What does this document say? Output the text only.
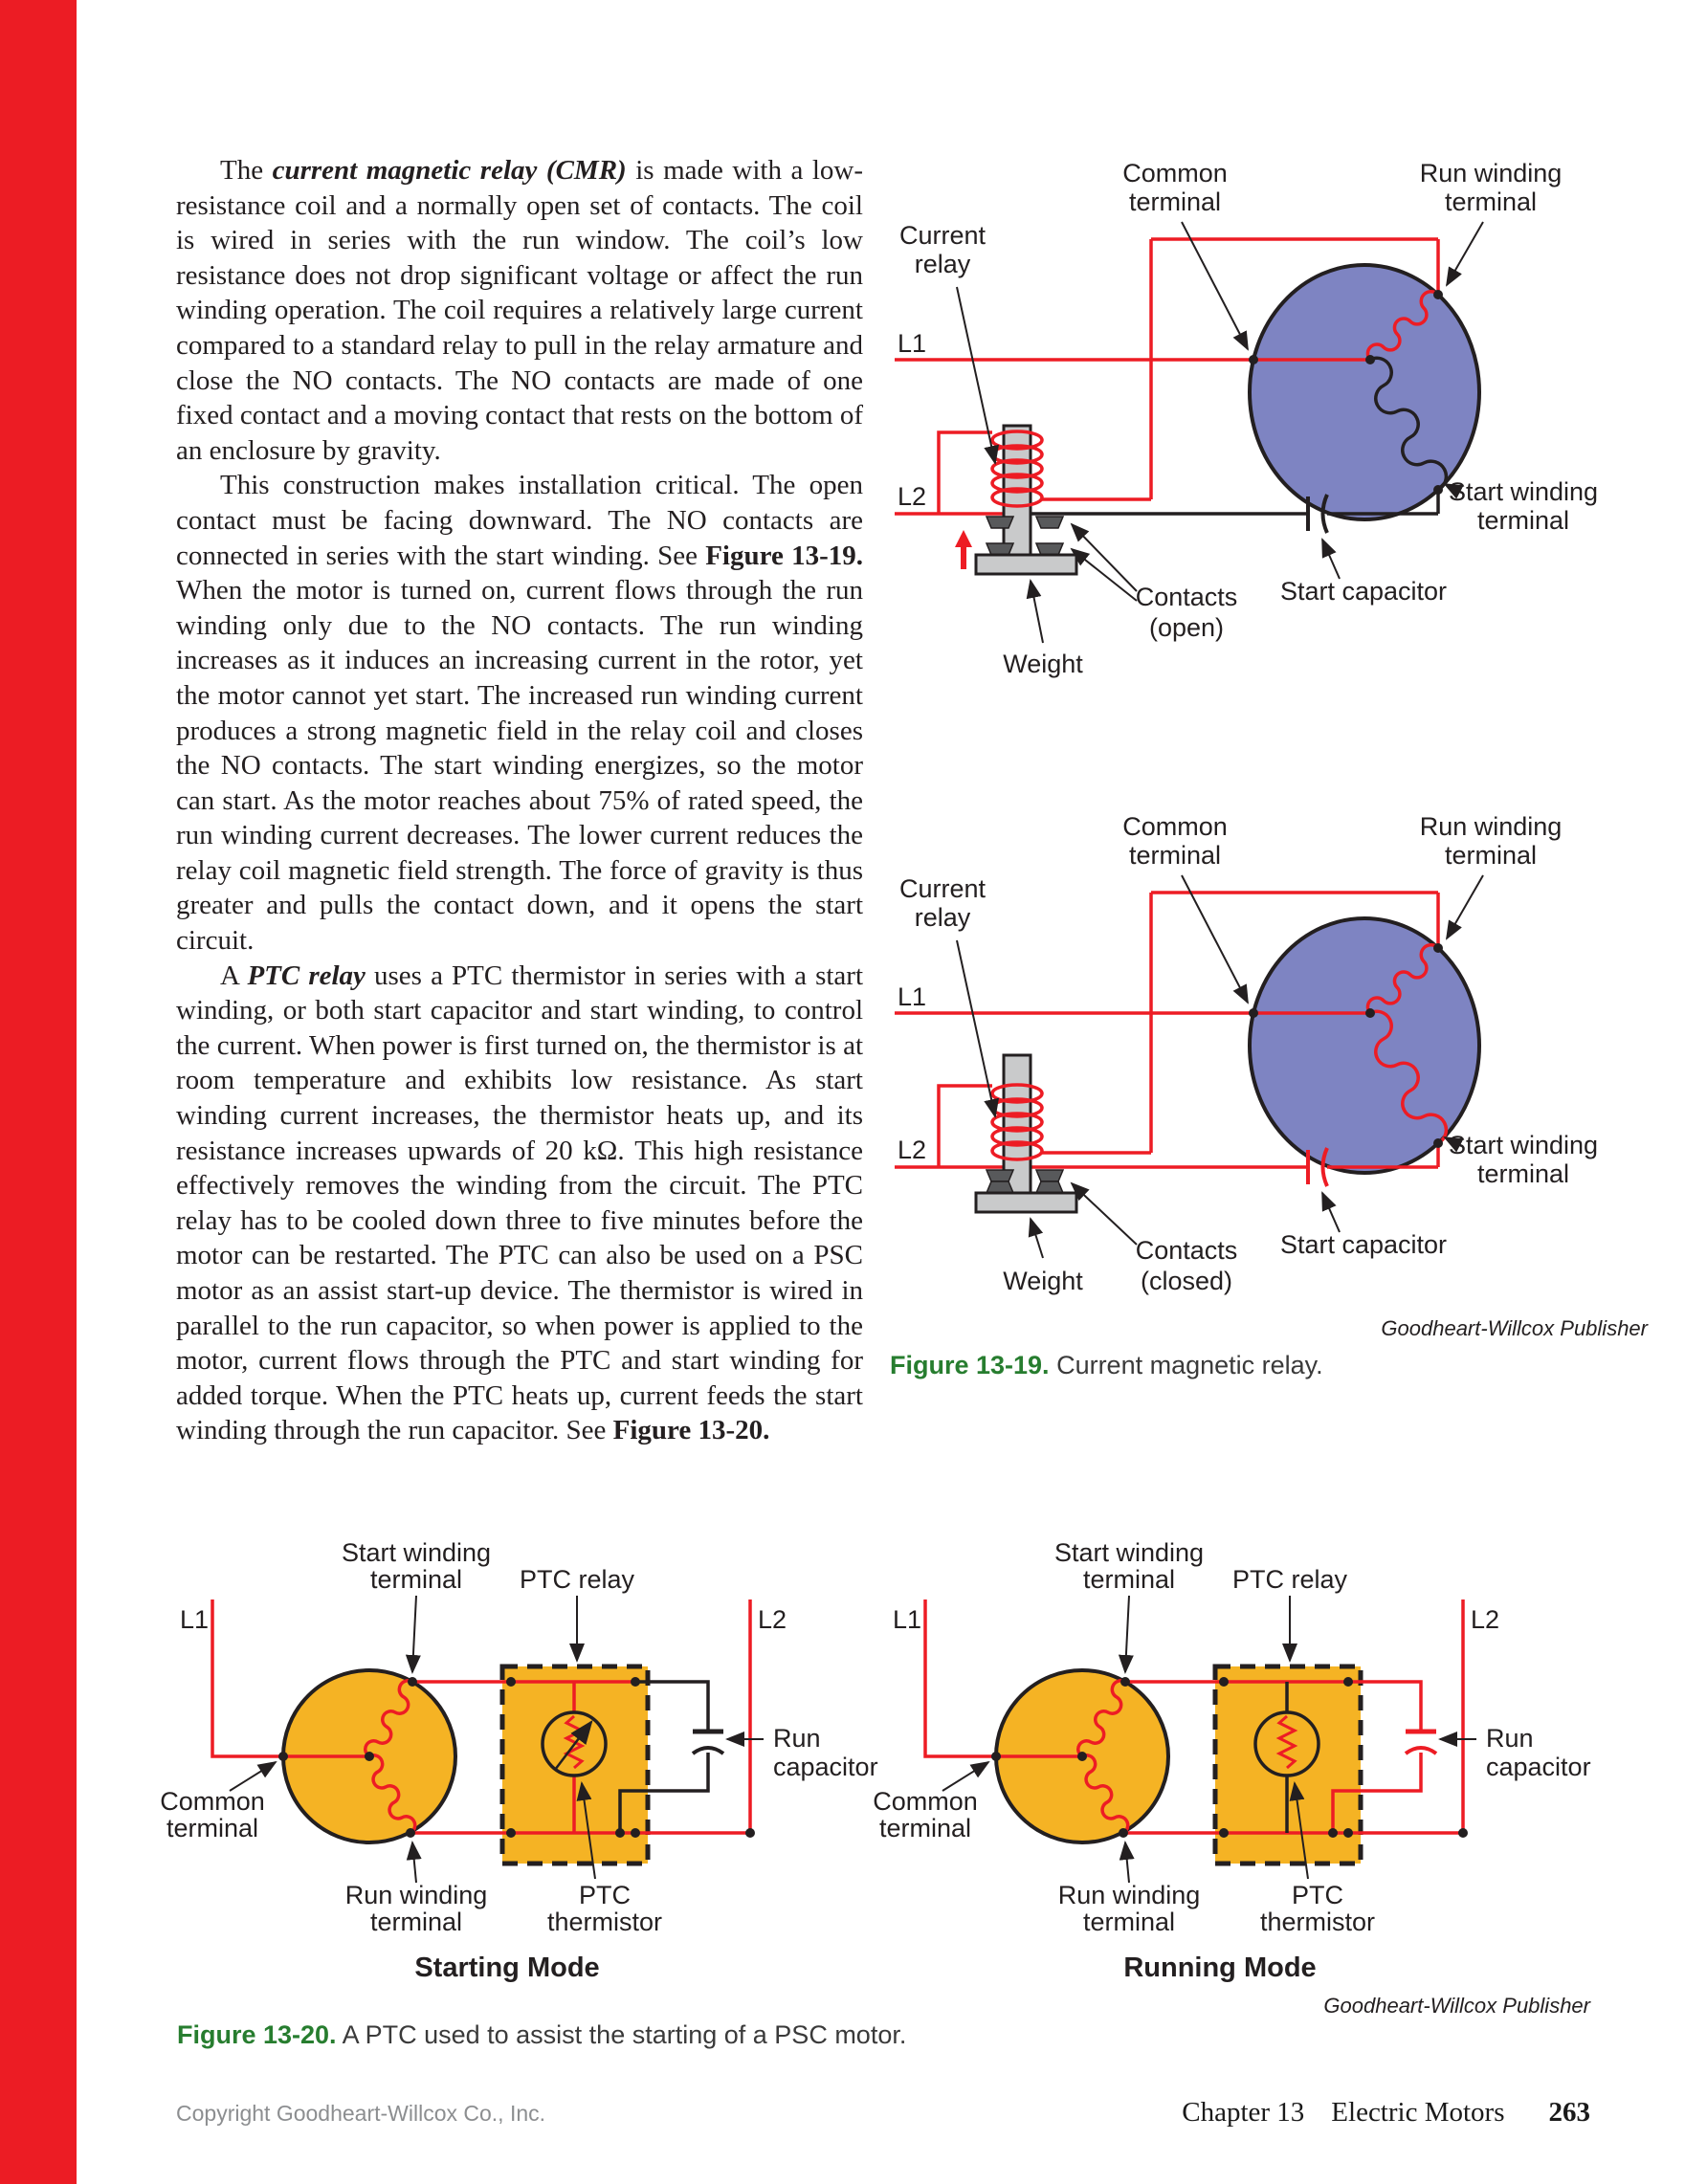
The current magnetic relay (CMR) is made with a low-resistance coil and a normally open set of contacts. The coil is wired in series with the run window. The coil’s low resistance does not drop significant voltage or affect the run winding operation. The coil requires a relatively large current compared to a standard relay to pull in the relay armature and close the NO contacts. The NO contacts are made of one fixed contact and a moving contact that rests on the bottom of an enclosure by gravity.

This construction makes installation critical. The open contact must be facing downward. The NO contacts are connected in series with the start winding. See Figure 13-19. When the motor is turned on, current flows through the run winding only due to the NO contacts. The run winding increases as it induces an increasing current in the rotor, yet the motor cannot yet start. The increased run winding current produces a strong magnetic field in the relay coil and closes the NO contacts. The start winding energizes, so the motor can start. As the motor reaches about 75% of rated speed, the run winding current decreases. The lower current reduces the relay coil magnetic field strength. The force of gravity is thus greater and pulls the contact down, and it opens the start circuit.

A PTC relay uses a PTC thermistor in series with a start winding, or both start capacitor and start winding, to control the current. When power is first turned on, the thermistor is at room temperature and exhibits low resistance. As start winding current increases, the thermistor heats up, and its resistance increases upwards of 20 kΩ. This high resistance effectively removes the winding from the circuit. The PTC relay has to be cooled down three to five minutes before the motor can be restarted. The PTC can also be used on a PSC motor as an assist start-up device. The thermistor is wired in parallel to the run capacitor, so when power is applied to the motor, current flows through the PTC and start winding for added torque. When the PTC heats up, current feeds the start winding through the run capacitor. See Figure 13-20.

Common
terminal
Run winding
terminal
Current
relay
L1
L2	Start winding
terminal
Start capacitor
Contacts
(open)
Weight
Common
terminal
Run winding
terminal
Current
relay
L1
L2	Start winding
terminal
Start capacitor
Contacts
(closed)
Weight
Goodheart-Willcox Publisher
Figure 13-19. Current magnetic relay.
Start winding
terminal PTC relay
L1	L2
Run
capacitor
Common
terminal
Run winding
terminal
PTC
thermistor
Starting Mode
Start winding
terminal PTC relay
L1	L2
Run
capacitor
Common
terminal
Run winding
terminal
PTC
thermistor
Running Mode
Goodheart-Willcox Publisher
Figure 13-20. A PTC used to assist the starting of a PSC motor.
Copyright Goodheart-Willcox Co., Inc.	Chapter 13 Electric Motors 263
